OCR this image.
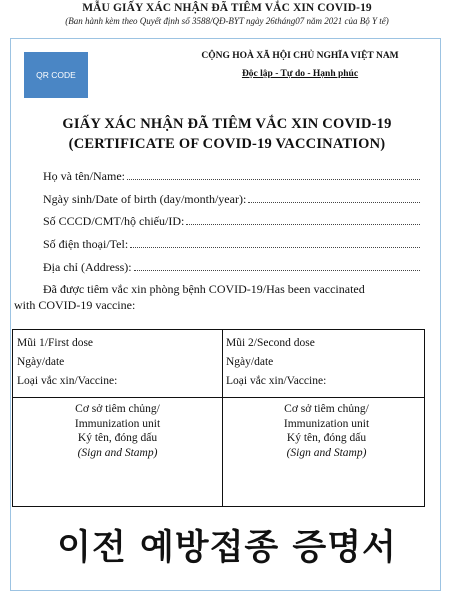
MẪU GIẤY XÁC NHẬN ĐÃ TIÊM VẮC XIN COVID-19
(Ban hành kèm theo Quyết định số 3588/QĐ-BYT ngày 26tháng07 năm 2021 của Bộ Y tế)
QR CODE
CỘNG HOÀ XÃ HỘI CHỦ NGHĨA VIỆT NAM
Độc lập - Tự do - Hạnh phúc
GIẤY XÁC NHẬN ĐÃ TIÊM VẮC XIN COVID-19
(CERTIFICATE OF COVID-19 VACCINATION)
Họ và tên/Name:
Ngày sinh/Date of birth (day/month/year):
Số CCCD/CMT/hộ chiếu/ID:
Số điện thoại/Tel:
Địa chỉ (Address):
Đã được tiêm vắc xin phòng bệnh COVID-19/Has been vaccinated
with COVID-19 vaccine:
Mũi 1/First dose
Ngày/date
Loại vắc xin/Vaccine:
Mũi 2/Second dose
Ngày/date
Loại vắc xin/Vaccine:
Cơ sở tiêm chủng/
Immunization unit
Ký tên, đóng dấu
(Sign and Stamp)
Cơ sở tiêm chủng/
Immunization unit
Ký tên, đóng dấu
(Sign and Stamp)
이전 예방접종 증명서
